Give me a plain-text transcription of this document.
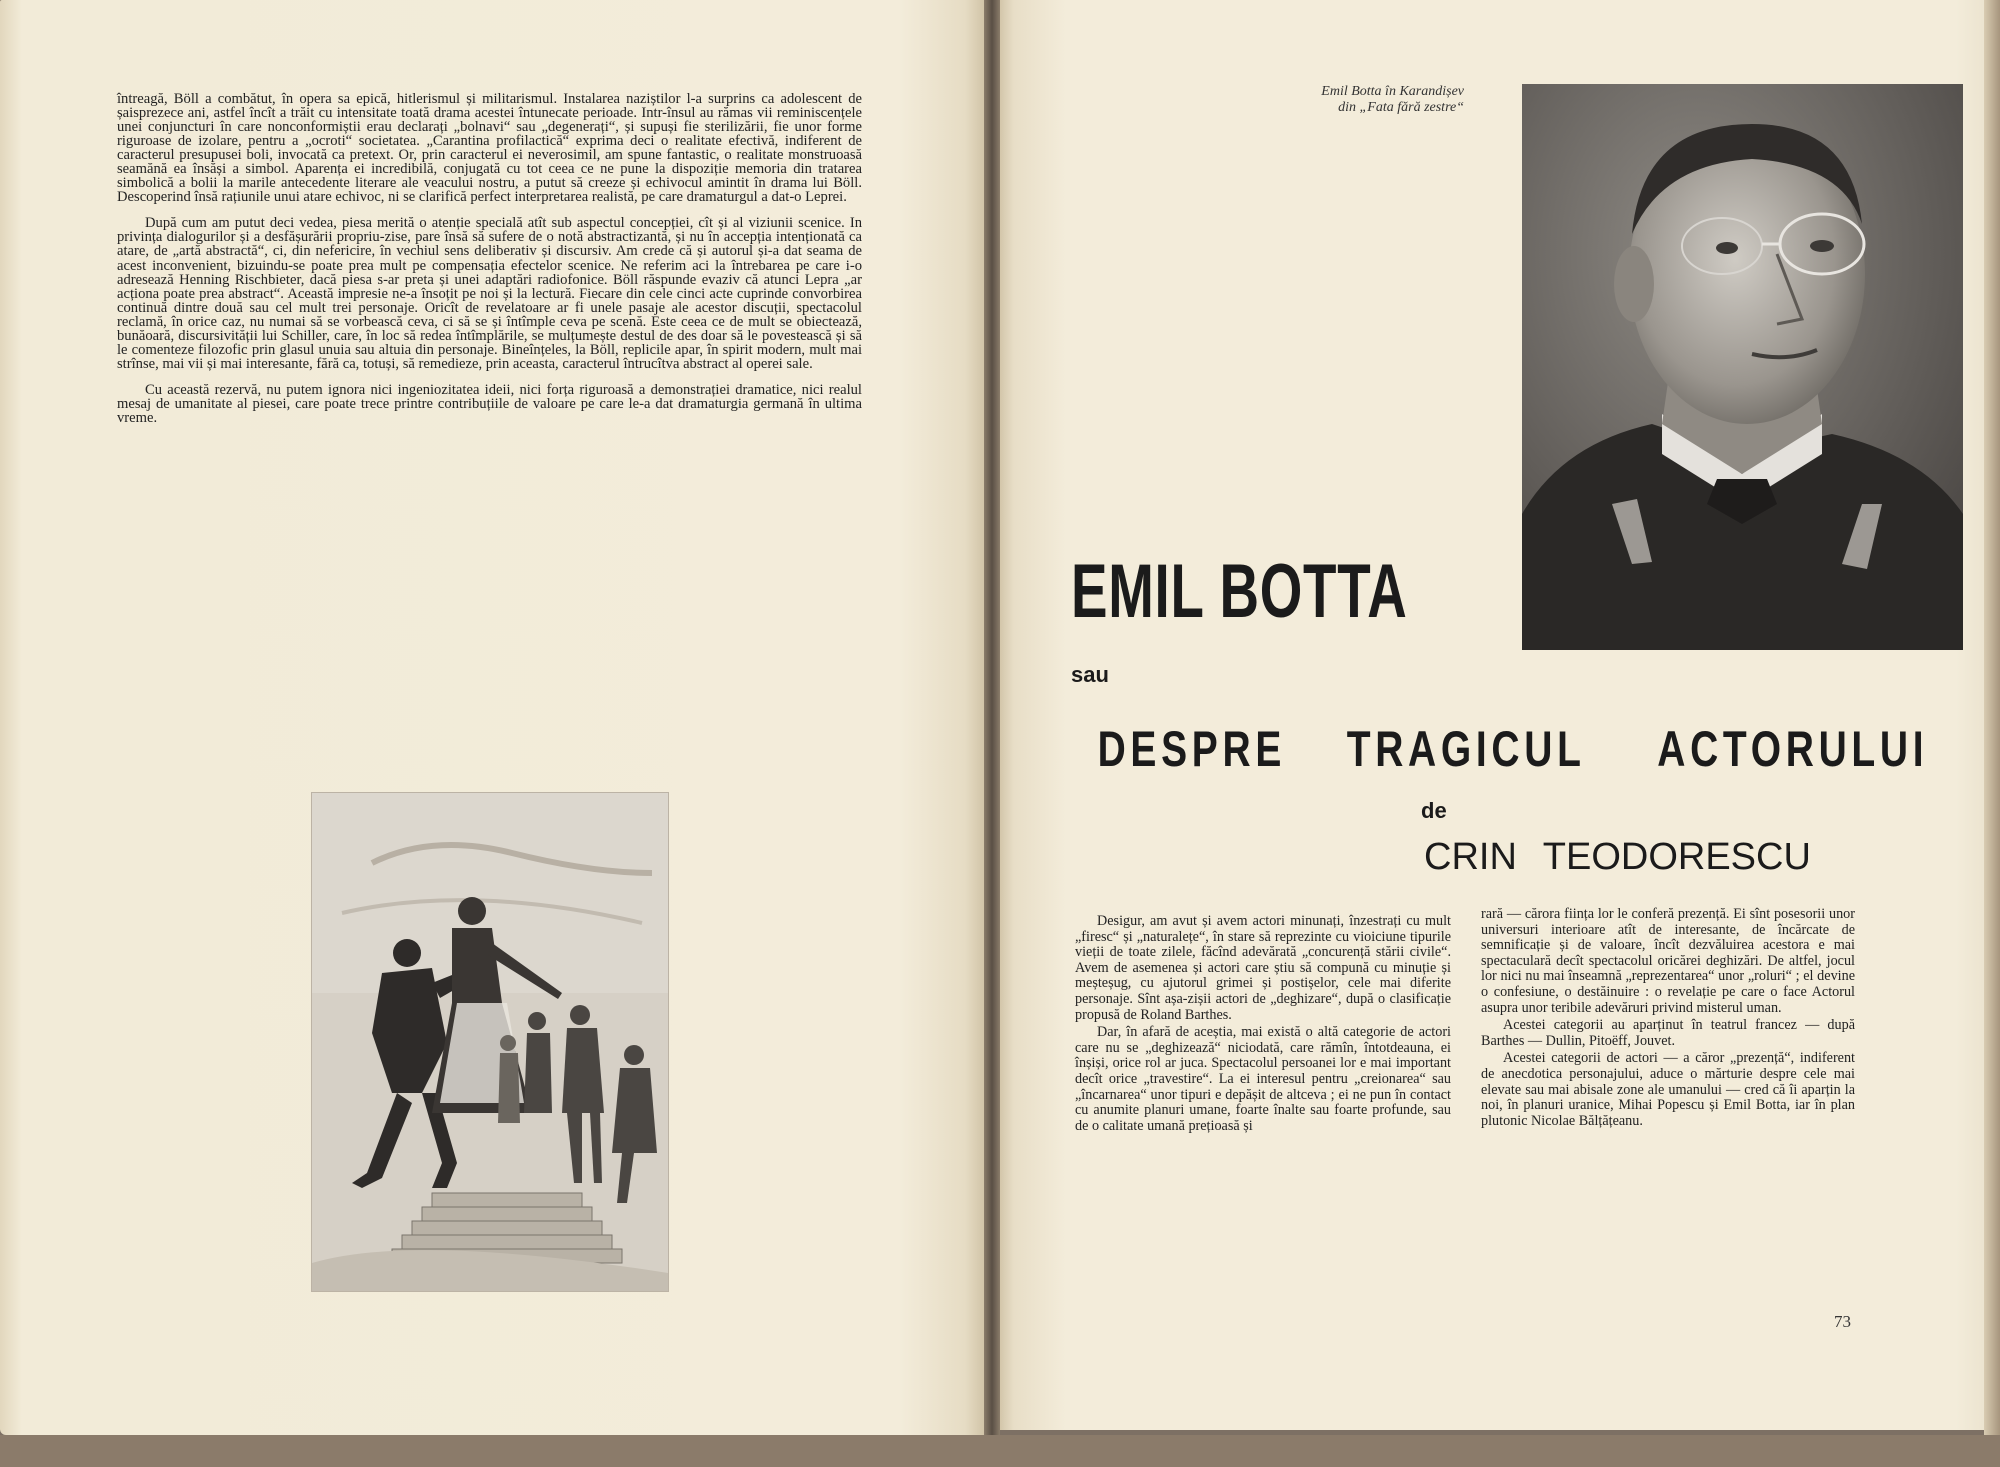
întreagă, Böll a combătut, în opera sa epică, hitlerismul și militarismul. Instalarea naziștilor l-a surprins ca adolescent de șaisprezece ani, astfel încît a trăit cu intensitate toată drama acestei întunecate perioade. Intr-însul au rămas vii reminiscențele unei conjuncturi în care nonconformiștii erau declarați „bolnavi“ sau „degenerați“, și supuși fie sterilizării, fie unor forme riguroase de izolare, pentru a „ocroti“ societatea. „Carantina profilactică“ exprima deci o realitate efectivă, indiferent de caracterul presupusei boli, invocată ca pretext. Or, prin caracterul ei neverosimil, am spune fantastic, o realitate monstruoasă seamănă ea însăși a simbol. Aparența ei incredibilă, conjugată cu tot ceea ce ne pune la dispoziție memoria din tratarea simbolică a bolii la marile antecedente literare ale veacului nostru, a putut să creeze și echivocul amintit în drama lui Böll. Descoperind însă rațiunile unui atare echivoc, ni se clarifică perfect interpretarea realistă, pe care dramaturgul a dat-o Leprei.

După cum am putut deci vedea, piesa merită o atenție specială atît sub aspectul concepției, cît și al viziunii scenice. In privința dialogurilor și a desfășurării propriu-zise, pare însă să sufere de o notă abstractizantă, și nu în accepția intenționată ca atare, de „artă abstractă“, ci, din nefericire, în vechiul sens deliberativ și discursiv. Am crede că și autorul și-a dat seama de acest inconvenient, bizuindu-se poate prea mult pe compensația efectelor scenice. Ne referim aci la întrebarea pe care i-o adresează Henning Rischbieter, dacă piesa s-ar preta și unei adaptări radiofonice. Böll răspunde evaziv că atunci Lepra „ar acționa poate prea abstract“. Această impresie ne-a însoțit pe noi și la lectură. Fiecare din cele cinci acte cuprinde convorbirea continuă dintre două sau cel mult trei personaje. Oricît de revelatoare ar fi unele pasaje ale acestor discuții, spectacolul reclamă, în orice caz, nu numai să se vorbească ceva, ci să se și întîmple ceva pe scenă. Este ceea ce de mult se obiectează, bunăoară, discursivității lui Schiller, care, în loc să redea întîmplările, se mulțumește destul de des doar să le povestească și să le comenteze filozofic prin glasul unuia sau altuia din personaje. Bineînțeles, la Böll, replicile apar, în spirit modern, mult mai strînse, mai vii și mai interesante, fără ca, totuși, să remedieze, prin aceasta, caracterul întrucîtva abstract al operei sale.

Cu această rezervă, nu putem ignora nici ingeniozitatea ideii, nici forța riguroasă a demonstrației dramatice, nici realul mesaj de umanitate al piesei, care poate trece printre contribuțiile de valoare pe care le-a dat dramaturgia germană în ultima vreme.

Emil Botta în Karandișev
din „Fata fără zestre“
EMIL BOTTA
sau
DESPRE TRAGICUL ACTORULUI
de
CRIN TEODORESCU

Desigur, am avut și avem actori minunați, înzestrați cu mult „firesc“ și „naturalețe“, în stare să reprezinte cu vioiciune tipurile vieții de toate zilele, făcînd adevărată „concurență stării civile“. Avem de asemenea și actori care știu să compună cu minuție și meșteșug, cu ajutorul grimei și postișelor, cele mai diferite personaje. Sînt așa-zișii actori de „deghizare“, după o clasificație propusă de Roland Barthes.

Dar, în afară de aceștia, mai există o altă categorie de actori care nu se „deghizează“ niciodată, care rămîn, întotdeauna, ei înșiși, orice rol ar juca. Spectacolul persoanei lor e mai important decît orice „travestire“. La ei interesul pentru „creionarea“ sau „încarnarea“ unor tipuri e depășit de altceva ; ei ne pun în contact cu anumite planuri umane, foarte înalte sau foarte profunde, sau de o calitate umană prețioasă și

rară — cărora ființa lor le conferă prezență. Ei sînt posesorii unor universuri interioare atît de interesante, de încărcate de semnificație și de valoare, încît dezvăluirea acestora e mai spectaculară decît spectacolul oricărei deghizări. De altfel, jocul lor nici nu mai înseamnă „reprezentarea“ unor „roluri“ ; el devine o confesiune, o destăinuire : o revelație pe care o face Actorul asupra unor teribile adevăruri privind misterul uman.

Acestei categorii au aparținut în teatrul francez — după Barthes — Dullin, Pitoëff, Jouvet.

Acestei categorii de actori — a căror „prezență“, indiferent de anecdotica personajului, aduce o mărturie despre cele mai elevate sau mai abisale zone ale umanului — cred că îi aparțin la noi, în planuri uranice, Mihai Popescu și Emil Botta, iar în plan plutonic Nicolae Bălțățeanu.

73
